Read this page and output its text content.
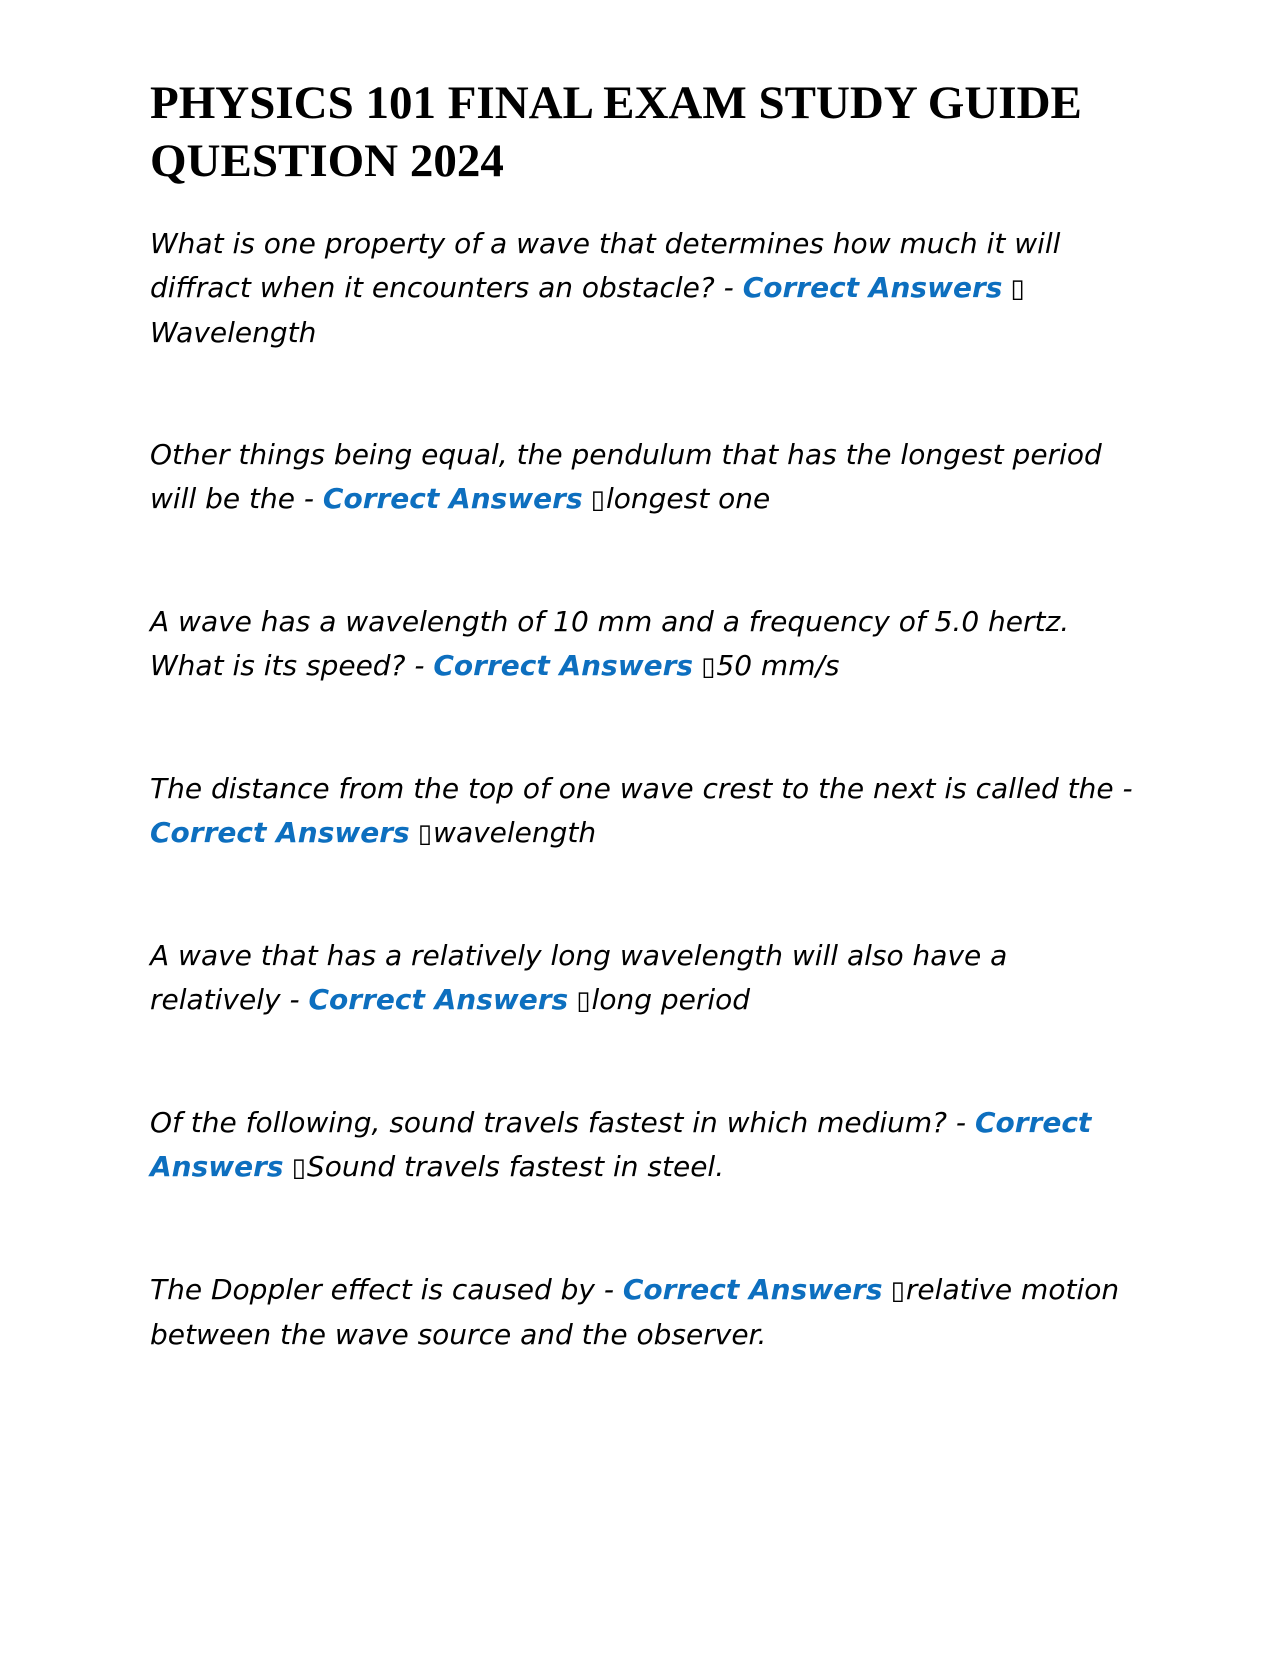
PHYSICS 101 FINAL EXAM STUDY GUIDE QUESTION 2024

What is one property of a wave that determines how much it will diffract when it encounters an obstacle? - Correct Answers ▯Wavelength

Other things being equal, the pendulum that has the longest period will be the - Correct Answers ▯longest one

A wave has a wavelength of 10 mm and a frequency of 5.0 hertz. What is its speed? - Correct Answers ▯50 mm/s

The distance from the top of one wave crest to the next is called the - Correct Answers ▯wavelength

A wave that has a relatively long wavelength will also have a relatively - Correct Answers ▯long period

Of the following, sound travels fastest in which medium? - Correct Answers ▯Sound travels fastest in steel.

The Doppler effect is caused by - Correct Answers ▯relative motion between the wave source and the observer.
